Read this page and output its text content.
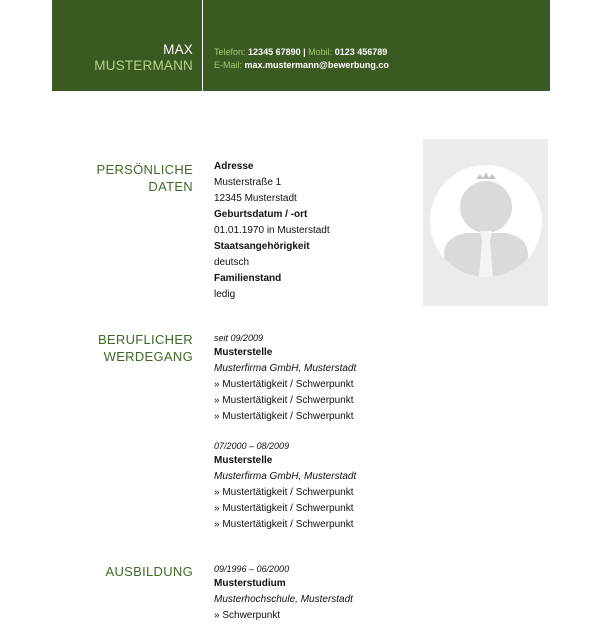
MAX
MUSTERMANN
Telefon: 12345 67890 | Mobil: 0123 456789
E-Mail: max.mustermann@bewerbung.co
PERSÖNLICHE
DATEN
Adresse
Musterstraße 1
12345 Musterstadt
Geburtsdatum / -ort
01.01.1970 in Musterstadt
Staatsangehörigkeit
deutsch
Familienstand
ledig
BERUFLICHER
WERDEGANG
seit 09/2009
Musterstelle
Musterfirma GmbH, Musterstadt
» Mustertätigkeit / Schwerpunkt
» Mustertätigkeit / Schwerpunkt
» Mustertätigkeit / Schwerpunkt
07/2000 – 08/2009
Musterstelle
Musterfirma GmbH, Musterstadt
» Mustertätigkeit / Schwerpunkt
» Mustertätigkeit / Schwerpunkt
» Mustertätigkeit / Schwerpunkt
AUSBILDUNG 09/1996 – 06/2000
Musterstudium
Musterhochschule, Musterstadt
» Schwerpunkt
